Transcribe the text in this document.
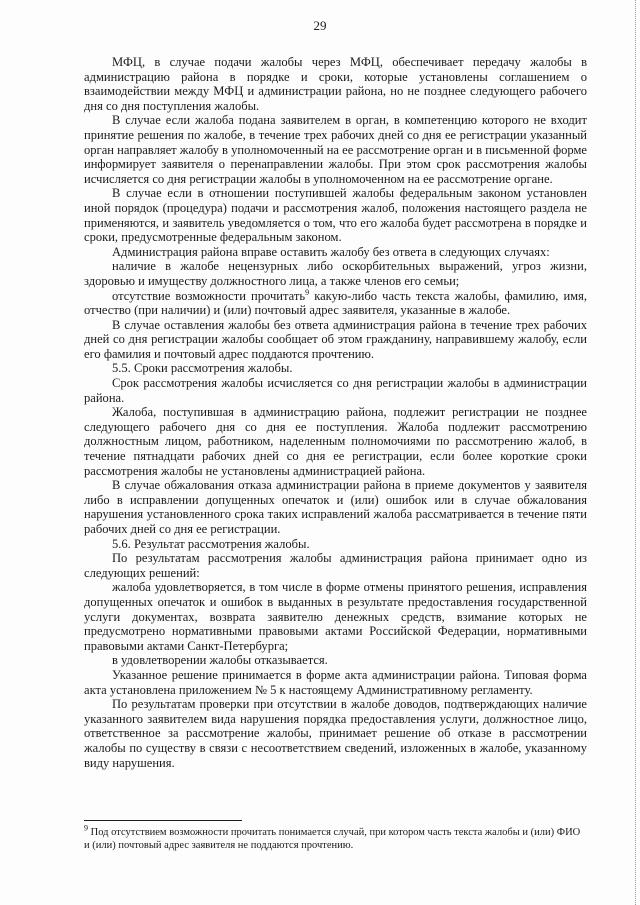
29

МФЦ, в случае подачи жалобы через МФЦ, обеспечивает передачу жалобы в администрацию района в порядке и сроки, которые установлены соглашением о взаимодействии между МФЦ и администрации района, но не позднее следующего рабочего дня со дня поступления жалобы.

В случае если жалоба подана заявителем в орган, в компетенцию которого не входит принятие решения по жалобе, в течение трех рабочих дней со дня ее регистрации указанный орган направляет жалобу в уполномоченный на ее рассмотрение орган и в письменной форме информирует заявителя о перенаправлении жалобы. При этом срок рассмотрения жалобы исчисляется со дня регистрации жалобы в уполномоченном на ее рассмотрение органе.

В случае если в отношении поступившей жалобы федеральным законом установлен иной порядок (процедура) подачи и рассмотрения жалоб, положения настоящего раздела не применяются, и заявитель уведомляется о том, что его жалоба будет рассмотрена в порядке и сроки, предусмотренные федеральным законом.

Администрация района вправе оставить жалобу без ответа в следующих случаях:

наличие в жалобе нецензурных либо оскорбительных выражений, угроз жизни, здоровью и имуществу должностного лица, а также членов его семьи;

отсутствие возможности прочитать$^9$ какую-либо часть текста жалобы, фамилию, имя, отчество (при наличии) и (или) почтовый адрес заявителя, указанные в жалобе.

В случае оставления жалобы без ответа администрация района в течение трех рабочих дней со дня регистрации жалобы сообщает об этом гражданину, направившему жалобу, если его фамилия и почтовый адрес поддаются прочтению.

5.5. Сроки рассмотрения жалобы.

Срок рассмотрения жалобы исчисляется со дня регистрации жалобы в администрации района.

Жалоба, поступившая в администрацию района, подлежит регистрации не позднее следующего рабочего дня со дня ее поступления. Жалоба подлежит рассмотрению должностным лицом, работником, наделенным полномочиями по рассмотрению жалоб, в течение пятнадцати рабочих дней со дня ее регистрации, если более короткие сроки рассмотрения жалобы не установлены администрацией района.

В случае обжалования отказа администрации района в приеме документов у заявителя либо в исправлении допущенных опечаток и (или) ошибок или в случае обжалования нарушения установленного срока таких исправлений жалоба рассматривается в течение пяти рабочих дней со дня ее регистрации.

5.6. Результат рассмотрения жалобы.

По результатам рассмотрения жалобы администрация района принимает одно из следующих решений:

жалоба удовлетворяется, в том числе в форме отмены принятого решения, исправления допущенных опечаток и ошибок в выданных в результате предоставления государственной услуги документах, возврата заявителю денежных средств, взимание которых не предусмотрено нормативными правовыми актами Российской Федерации, нормативными правовыми актами Санкт-Петербурга;

в удовлетворении жалобы отказывается.

Указанное решение принимается в форме акта администрации района. Типовая форма акта установлена приложением № 5 к настоящему Административному регламенту.

По результатам проверки при отсутствии в жалобе доводов, подтверждающих наличие указанного заявителем вида нарушения порядка предоставления услуги, должностное лицо, ответственное за рассмотрение жалобы, принимает решение об отказе в рассмотрении жалобы по существу в связи с несоответствием сведений, изложенных в жалобе, указанному виду нарушения.

$^9$ Под отсутствием возможности прочитать понимается случай, при котором часть текста жалобы и (или) ФИО и (или) почтовый адрес заявителя не поддаются прочтению.
